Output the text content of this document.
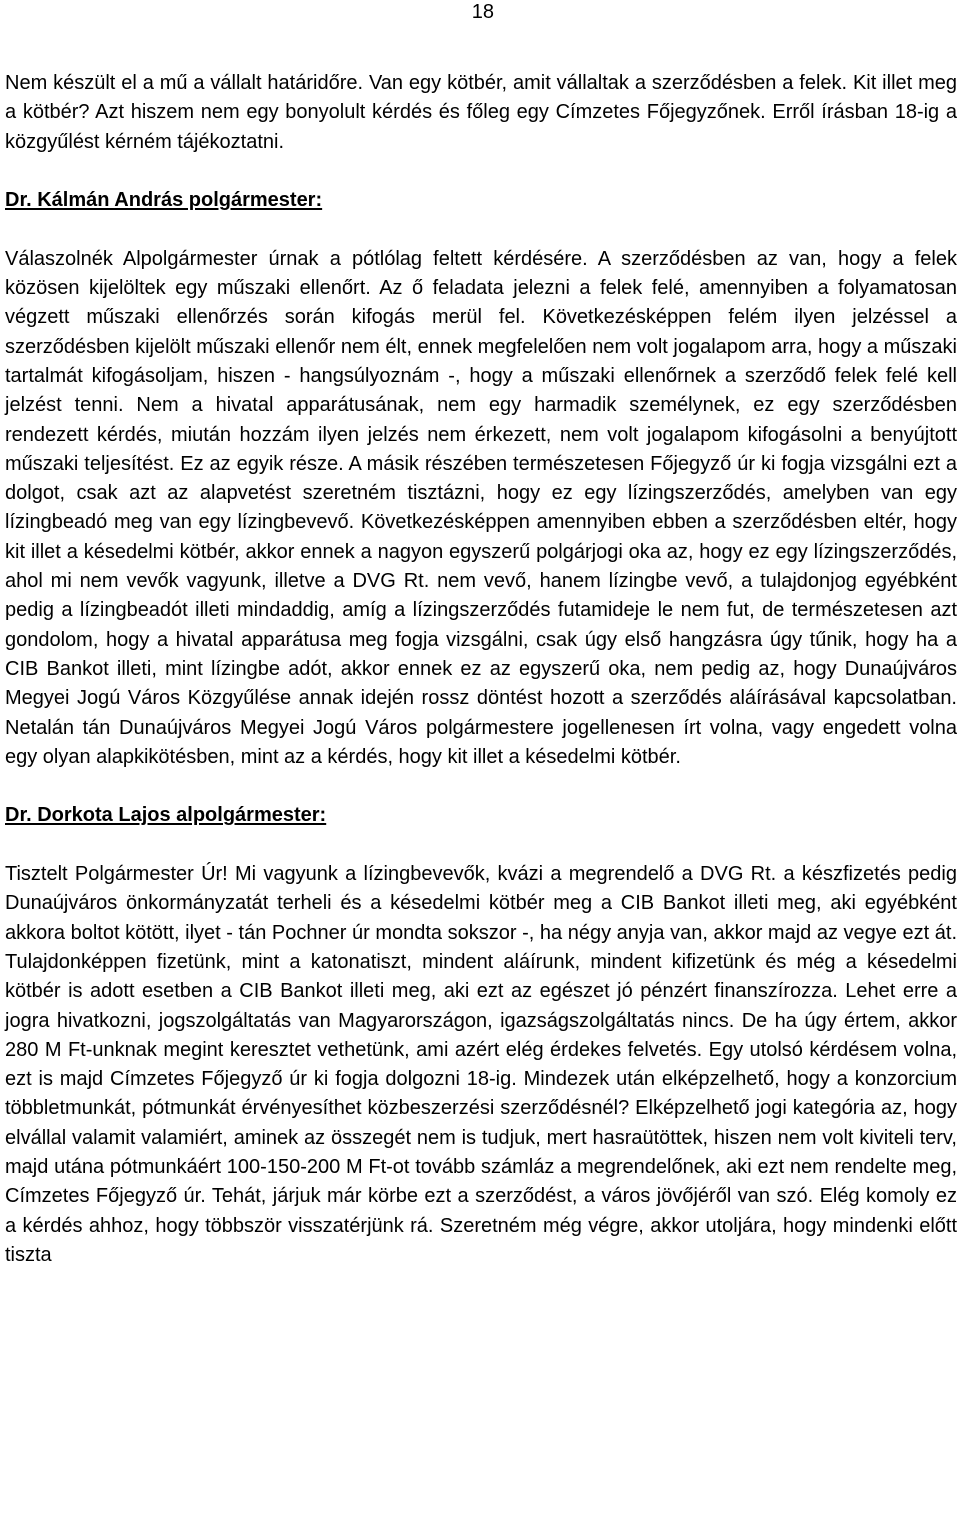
18

Nem készült el a mű a vállalt határidőre. Van egy kötbér, amit vállaltak a szerződésben a felek. Kit illet meg a kötbér? Azt hiszem nem egy bonyolult kérdés és főleg egy Címzetes Főjegyzőnek. Erről írásban 18-ig a közgyűlést kérném tájékoztatni.

Dr. Kálmán András polgármester:

Válaszolnék Alpolgármester úrnak a pótlólag feltett kérdésére. A szerződésben az van, hogy a felek közösen kijelöltek egy műszaki ellenőrt. Az ő feladata jelezni a felek felé, amennyiben a folyamatosan végzett műszaki ellenőrzés során kifogás merül fel. Következésképpen felém ilyen jelzéssel a szerződésben kijelölt műszaki ellenőr nem élt, ennek megfelelően nem volt jogalapom arra, hogy a műszaki tartalmát kifogásoljam, hiszen - hangsúlyoznám -, hogy a műszaki ellenőrnek a szerződő felek felé kell jelzést tenni. Nem a hivatal apparátusának, nem egy harmadik személynek, ez egy szerződésben rendezett kérdés, miután hozzám ilyen jelzés nem érkezett, nem volt jogalapom kifogásolni a benyújtott műszaki teljesítést. Ez az egyik része. A másik részében természetesen Főjegyző úr ki fogja vizsgálni ezt a dolgot, csak azt az alapvetést szeretném tisztázni, hogy ez egy lízingszerződés, amelyben van egy lízingbeadó meg van egy lízingbevevő. Következésképpen amennyiben ebben a szerződésben eltér, hogy kit illet a késedelmi kötbér, akkor ennek a nagyon egyszerű polgárjogi oka az, hogy ez egy lízingszerződés, ahol mi nem vevők vagyunk, illetve a DVG Rt. nem vevő, hanem lízingbe vevő, a tulajdonjog egyébként pedig a lízingbeadót illeti mindaddig, amíg a lízingszerződés futamideje le nem fut, de természetesen azt gondolom, hogy a hivatal apparátusa meg fogja vizsgálni, csak úgy első hangzásra úgy tűnik, hogy ha a CIB Bankot illeti, mint lízingbe adót, akkor ennek ez az egyszerű oka, nem pedig az, hogy Dunaújváros Megyei Jogú Város Közgyűlése annak idején rossz döntést hozott a szerződés aláírásával kapcsolatban. Netalán tán Dunaújváros Megyei Jogú Város polgármestere jogellenesen írt volna, vagy engedett volna egy olyan alapkikötésben, mint az a kérdés, hogy kit illet a késedelmi kötbér.

Dr. Dorkota Lajos alpolgármester:

Tisztelt Polgármester Úr! Mi vagyunk a lízingbevevők, kvázi a megrendelő a DVG Rt. a készfizetés pedig Dunaújváros önkormányzatát terheli és a késedelmi kötbér meg a CIB Bankot illeti meg, aki egyébként akkora boltot kötött, ilyet - tán Pochner úr mondta sokszor -, ha négy anyja van, akkor majd az vegye ezt át. Tulajdonképpen fizetünk, mint a katonatiszt, mindent aláírunk, mindent kifizetünk és még a késedelmi kötbér is adott esetben a CIB Bankot illeti meg, aki ezt az egészet jó pénzért finanszírozza. Lehet erre a jogra hivatkozni, jogszolgáltatás van Magyarországon, igazságszolgáltatás nincs. De ha úgy értem, akkor 280 M Ft-unknak megint keresztet vethetünk, ami azért elég érdekes felvetés. Egy utolsó kérdésem volna, ezt is majd Címzetes Főjegyző úr ki fogja dolgozni 18-ig. Mindezek után elképzelhető, hogy a konzorcium többletmunkát, pótmunkát érvényesíthet közbeszerzési szerződésnél? Elképzelhető jogi kategória az, hogy elvállal valamit valamiért, aminek az összegét nem is tudjuk, mert hasraütöttek, hiszen nem volt kiviteli terv, majd utána pótmunkáért 100-150-200 M Ft-ot tovább számláz a megrendelőnek, aki ezt nem rendelte meg, Címzetes Főjegyző úr. Tehát, járjuk már körbe ezt a szerződést, a város jövőjéről van szó. Elég komoly ez a kérdés ahhoz, hogy többször visszatérjünk rá. Szeretném még végre, akkor utoljára, hogy mindenki előtt tiszta
